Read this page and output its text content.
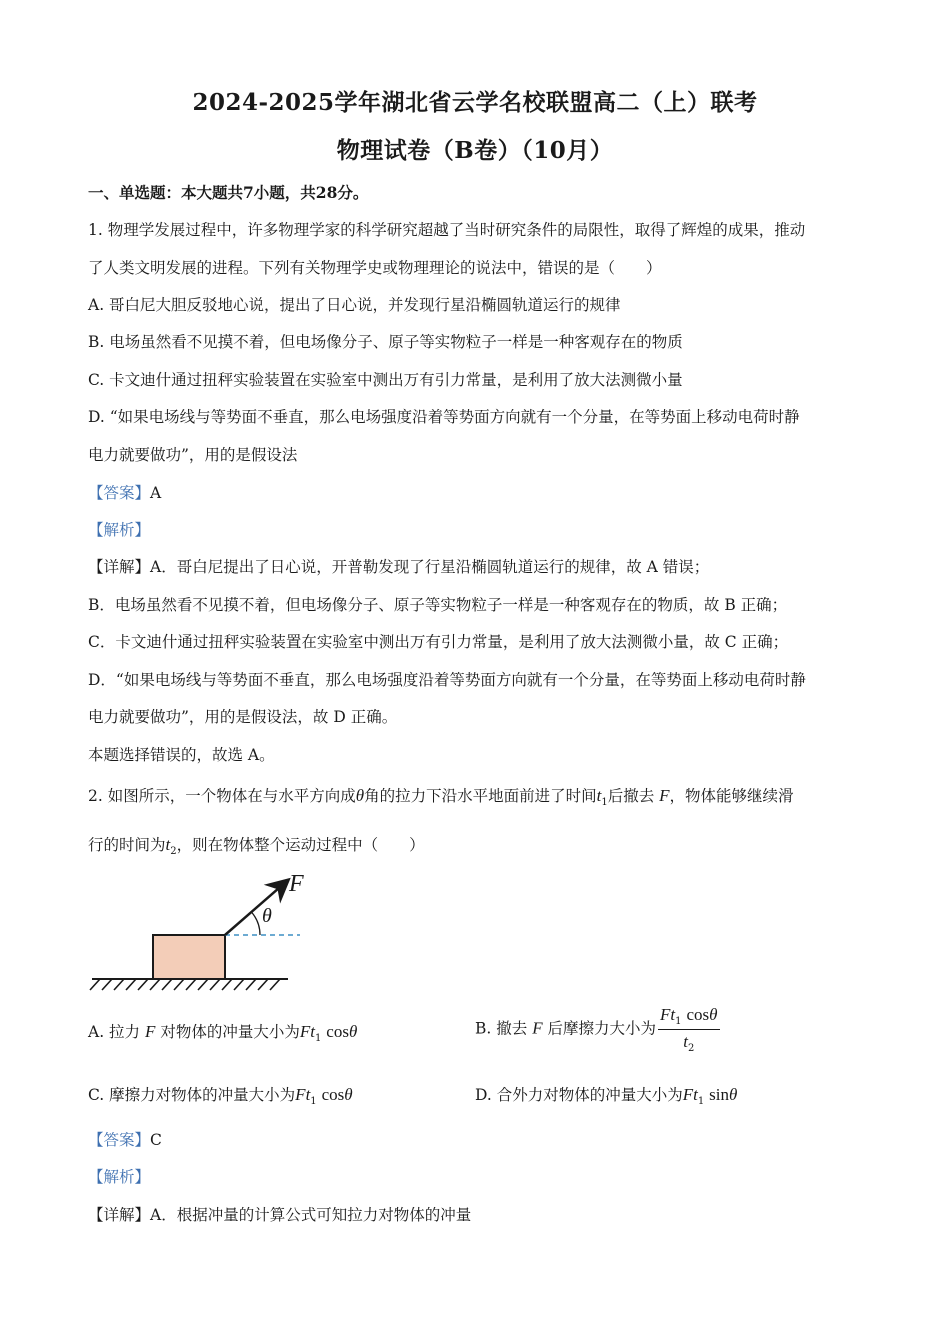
2024-2025学年湖北省云学名校联盟高二（上）联考
物理试卷（B卷）（10月）
一、单选题：本大题共7小题，共28分。
1. 物理学发展过程中，许多物理学家的科学研究超越了当时研究条件的局限性，取得了辉煌的成果，推动
了人类文明发展的进程。下列有关物理学史或物理理论的说法中，错误的是（　　）
A. 哥白尼大胆反驳地心说，提出了日心说，并发现行星沿椭圆轨道运行的规律
B. 电场虽然看不见摸不着，但电场像分子、原子等实物粒子一样是一种客观存在的物质
C. 卡文迪什通过扭秤实验装置在实验室中测出万有引力常量，是利用了放大法测微小量
D. “如果电场线与等势面不垂直，那么电场强度沿着等势面方向就有一个分量，在等势面上移动电荷时静
电力就要做功”，用的是假设法
【答案】A
【解析】
【详解】A．哥白尼提出了日心说，开普勒发现了行星沿椭圆轨道运行的规律，故 A 错误；
B．电场虽然看不见摸不着，但电场像分子、原子等实物粒子一样是一种客观存在的物质，故 B 正确；
C．卡文迪什通过扭秤实验装置在实验室中测出万有引力常量，是利用了放大法测微小量，故 C 正确；
D．“如果电场线与等势面不垂直，那么电场强度沿着等势面方向就有一个分量，在等势面上移动电荷时静
电力就要做功”，用的是假设法，故 D 正确。
本题选择错误的，故选 A。
2. 如图所示，一个物体在与水平方向成θ角的拉力下沿水平地面前进了时间$t_1$后撤去 F，物体能够继续滑
行的时间为$t_2$，则在物体整个运动过程中（　　）
F
θ
A. 拉力 F 对物体的冲量大小为$Ft_1$ cosθ	B. 撤去 F 后摩擦力大小为 $\frac{Ft_1 \cos\theta}{t_2}$
C. 摩擦力对物体的冲量大小为$Ft_1$ cosθ	D. 合外力对物体的冲量大小为$Ft_1$ sinθ
【答案】C
【解析】
【详解】A．根据冲量的计算公式可知拉力对物体的冲量
